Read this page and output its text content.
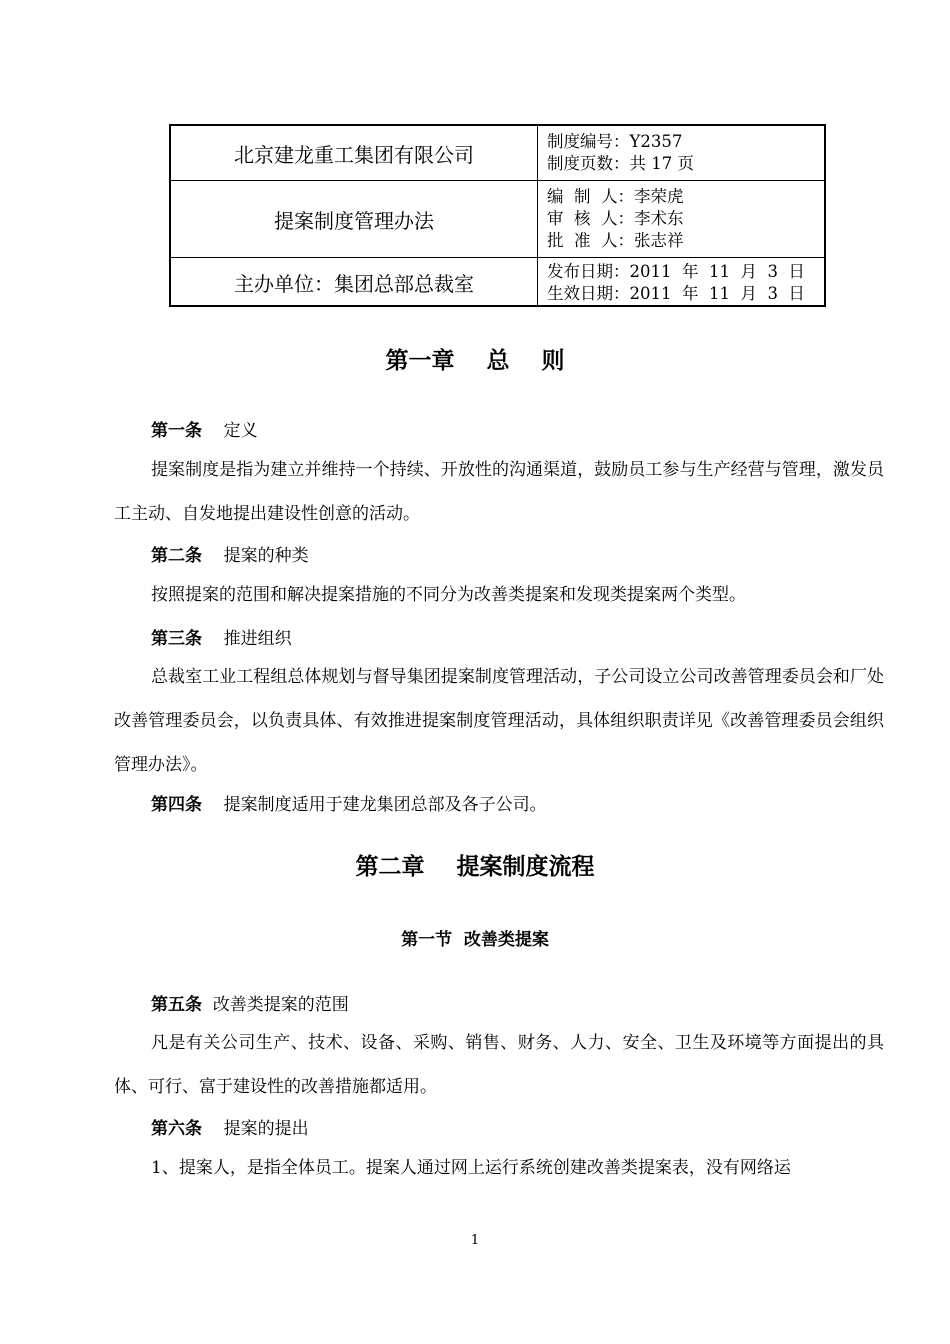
北京建龙重工集团有限公司
制度编号：Y2357
制度页数：共 17 页
提案制度管理办法
编  制  人：李荣虎
审  核  人：李术东
批  准  人：张志祥
主办单位：集团总部总裁室
发布日期：2011  年  11  月  3  日
生效日期：2011  年  11  月  3  日
第一章    总    则
第一条 定义
提案制度是指为建立并维持一个持续、开放性的沟通渠道，鼓励员工参与生产经营与管理，激发员工主动、自发地提出建设性创意的活动。
第二条 提案的种类
按照提案的范围和解决提案措施的不同分为改善类提案和发现类提案两个类型。
第三条 推进组织
总裁室工业工程组总体规划与督导集团提案制度管理活动，子公司设立公司改善管理委员会和厂处改善管理委员会，以负责具体、有效推进提案制度管理活动，具体组织职责详见《改善管理委员会组织管理办法》。
第四条 提案制度适用于建龙集团总部及各子公司。
第二章    提案制度流程
第一节  改善类提案
第五条 改善类提案的范围
凡是有关公司生产、技术、设备、采购、销售、财务、人力、安全、卫生及环境等方面提出的具体、可行、富于建设性的改善措施都适用。
第六条 提案的提出
1、提案人，是指全体员工。提案人通过网上运行系统创建改善类提案表，没有网络运
1
